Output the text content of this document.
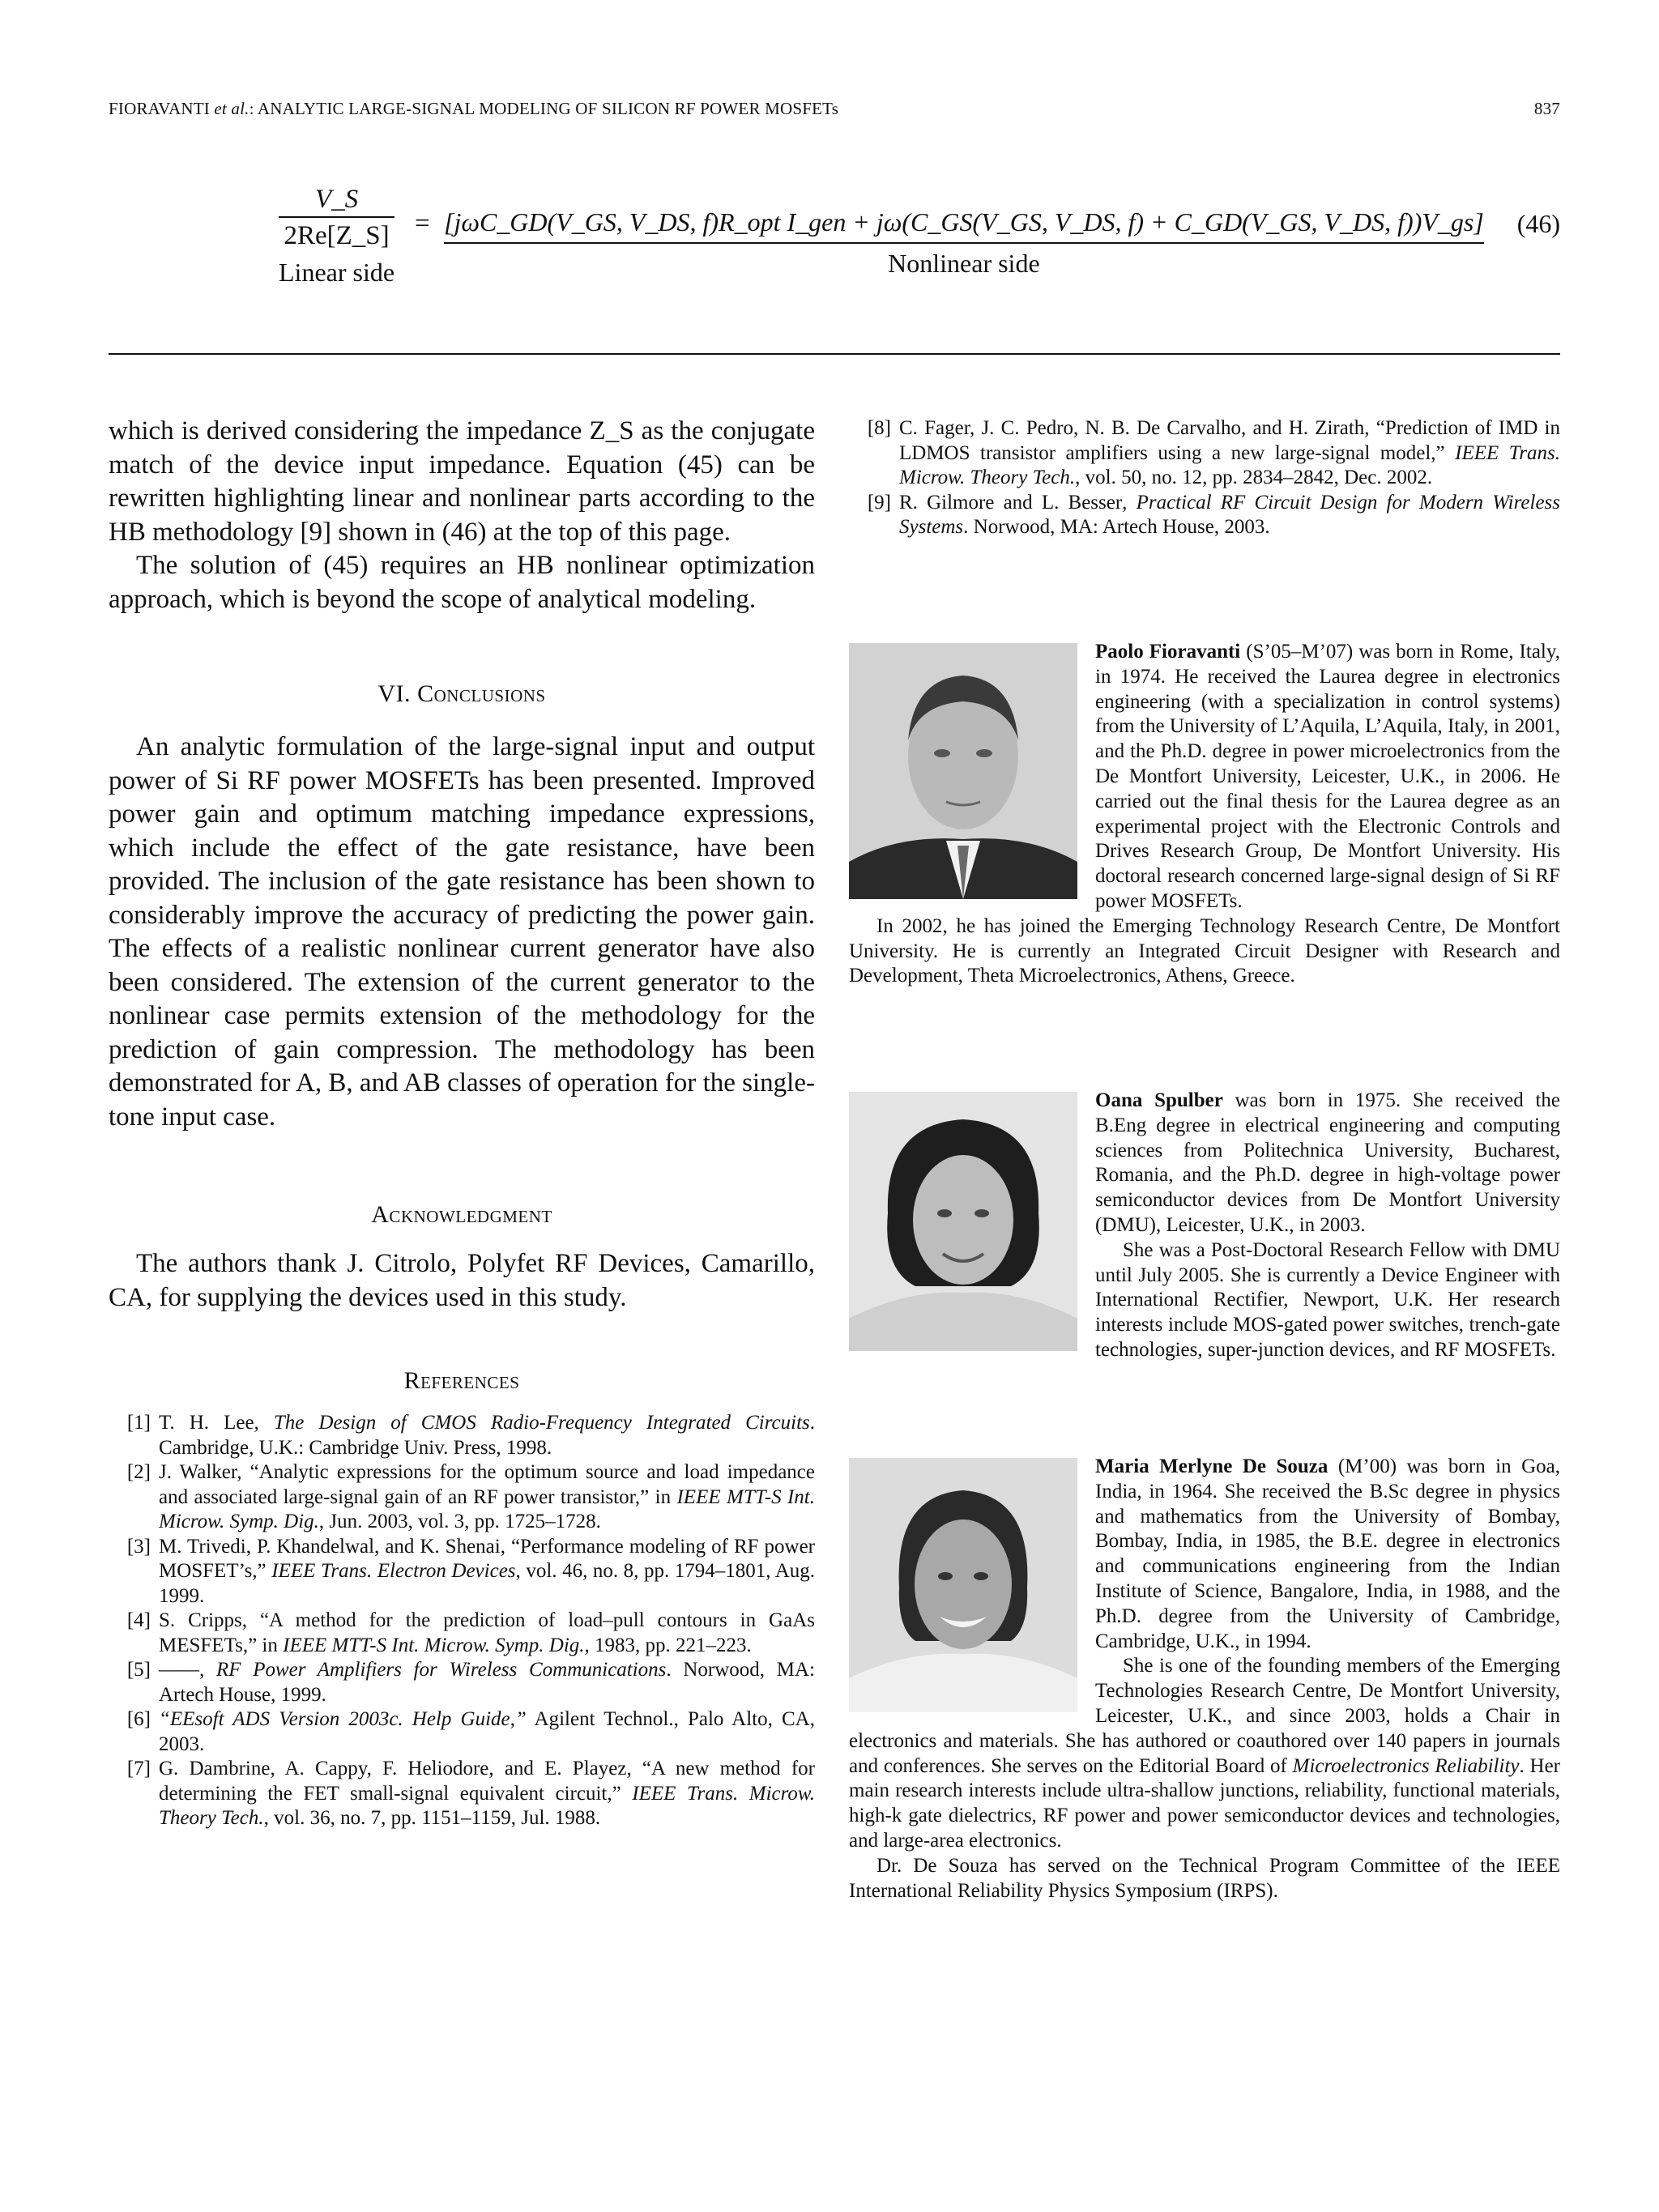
FIORAVANTI et al.: ANALYTIC LARGE-SIGNAL MODELING OF SILICON RF POWER MOSFETs	837
V_S
2Re[Z_S]
Linear side
= [jωC_GD(V_GS, V_DS, f)R_opt I_gen + jω(C_GS(V_GS, V_DS, f) + C_GD(V_GS, V_DS, f))V_gs]
Nonlinear side
(46)

which is derived considering the impedance Z_S as the conjugate match of the device input impedance. Equation (45) can be rewritten highlighting linear and nonlinear parts according to the HB methodology [9] shown in (46) at the top of this page.

The solution of (45) requires an HB nonlinear optimization approach, which is beyond the scope of analytical modeling.

VI. Conclusions

An analytic formulation of the large-signal input and output power of Si RF power MOSFETs has been presented. Improved power gain and optimum matching impedance expressions, which include the effect of the gate resistance, have been provided. The inclusion of the gate resistance has been shown to considerably improve the accuracy of predicting the power gain. The effects of a realistic nonlinear current generator have also been considered. The extension of the current generator to the nonlinear case permits extension of the methodology for the prediction of gain compression. The methodology has been demonstrated for A, B, and AB classes of operation for the single-tone input case.

Acknowledgment

The authors thank J. Citrolo, Polyfet RF Devices, Camarillo, CA, for supplying the devices used in this study.

References
[1] T. H. Lee, The Design of CMOS Radio-Frequency Integrated Circuits. Cambridge, U.K.: Cambridge Univ. Press, 1998.
[2] J. Walker, “Analytic expressions for the optimum source and load impedance and associated large-signal gain of an RF power transistor,” in IEEE MTT-S Int. Microw. Symp. Dig., Jun. 2003, vol. 3, pp. 1725–1728.
[3] M. Trivedi, P. Khandelwal, and K. Shenai, “Performance modeling of RF power MOSFET’s,” IEEE Trans. Electron Devices, vol. 46, no. 8, pp. 1794–1801, Aug. 1999.
[4] S. Cripps, “A method for the prediction of load–pull contours in GaAs MESFETs,” in IEEE MTT-S Int. Microw. Symp. Dig., 1983, pp. 221–223.
[5] ——, RF Power Amplifiers for Wireless Communications. Norwood, MA: Artech House, 1999.
[6] “EEsoft ADS Version 2003c. Help Guide,” Agilent Technol., Palo Alto, CA, 2003.
[7] G. Dambrine, A. Cappy, F. Heliodore, and E. Playez, “A new method for determining the FET small-signal equivalent circuit,” IEEE Trans. Microw. Theory Tech., vol. 36, no. 7, pp. 1151–1159, Jul. 1988.
[8] C. Fager, J. C. Pedro, N. B. De Carvalho, and H. Zirath, “Prediction of IMD in LDMOS transistor amplifiers using a new large-signal model,” IEEE Trans. Microw. Theory Tech., vol. 50, no. 12, pp. 2834–2842, Dec. 2002.
[9] R. Gilmore and L. Besser, Practical RF Circuit Design for Modern Wireless Systems. Norwood, MA: Artech House, 2003.

Paolo Fioravanti (S’05–M’07) was born in Rome, Italy, in 1974. He received the Laurea degree in electronics engineering (with a specialization in control systems) from the University of L’Aquila, L’Aquila, Italy, in 2001, and the Ph.D. degree in power microelectronics from the De Montfort University, Leicester, U.K., in 2006. He carried out the final thesis for the Laurea degree as an experimental project with the Electronic Controls and Drives Research Group, De Montfort University. His doctoral research concerned large-signal design of Si RF power MOSFETs.

In 2002, he has joined the Emerging Technology Research Centre, De Montfort University. He is currently an Integrated Circuit Designer with Research and Development, Theta Microelectronics, Athens, Greece.

Oana Spulber was born in 1975. She received the B.Eng degree in electrical engineering and computing sciences from Politechnica University, Bucharest, Romania, and the Ph.D. degree in high-voltage power semiconductor devices from De Montfort University (DMU), Leicester, U.K., in 2003.

She was a Post-Doctoral Research Fellow with DMU until July 2005. She is currently a Device Engineer with International Rectifier, Newport, U.K. Her research interests include MOS-gated power switches, trench-gate technologies, super-junction devices, and RF MOSFETs.

Maria Merlyne De Souza (M’00) was born in Goa, India, in 1964. She received the B.Sc degree in physics and mathematics from the University of Bombay, Bombay, India, in 1985, the B.E. degree in electronics and communications engineering from the Indian Institute of Science, Bangalore, India, in 1988, and the Ph.D. degree from the University of Cambridge, Cambridge, U.K., in 1994.

She is one of the founding members of the Emerging Technologies Research Centre, De Montfort University, Leicester, U.K., and since 2003, holds a Chair in electronics and materials. She has authored or coauthored over 140 papers in journals and conferences. She serves on the Editorial Board of Microelectronics Reliability. Her main research interests include ultra-shallow junctions, reliability, functional materials, high-k gate dielectrics, RF power and power semiconductor devices and technologies, and large-area electronics.

Dr. De Souza has served on the Technical Program Committee of the IEEE International Reliability Physics Symposium (IRPS).
